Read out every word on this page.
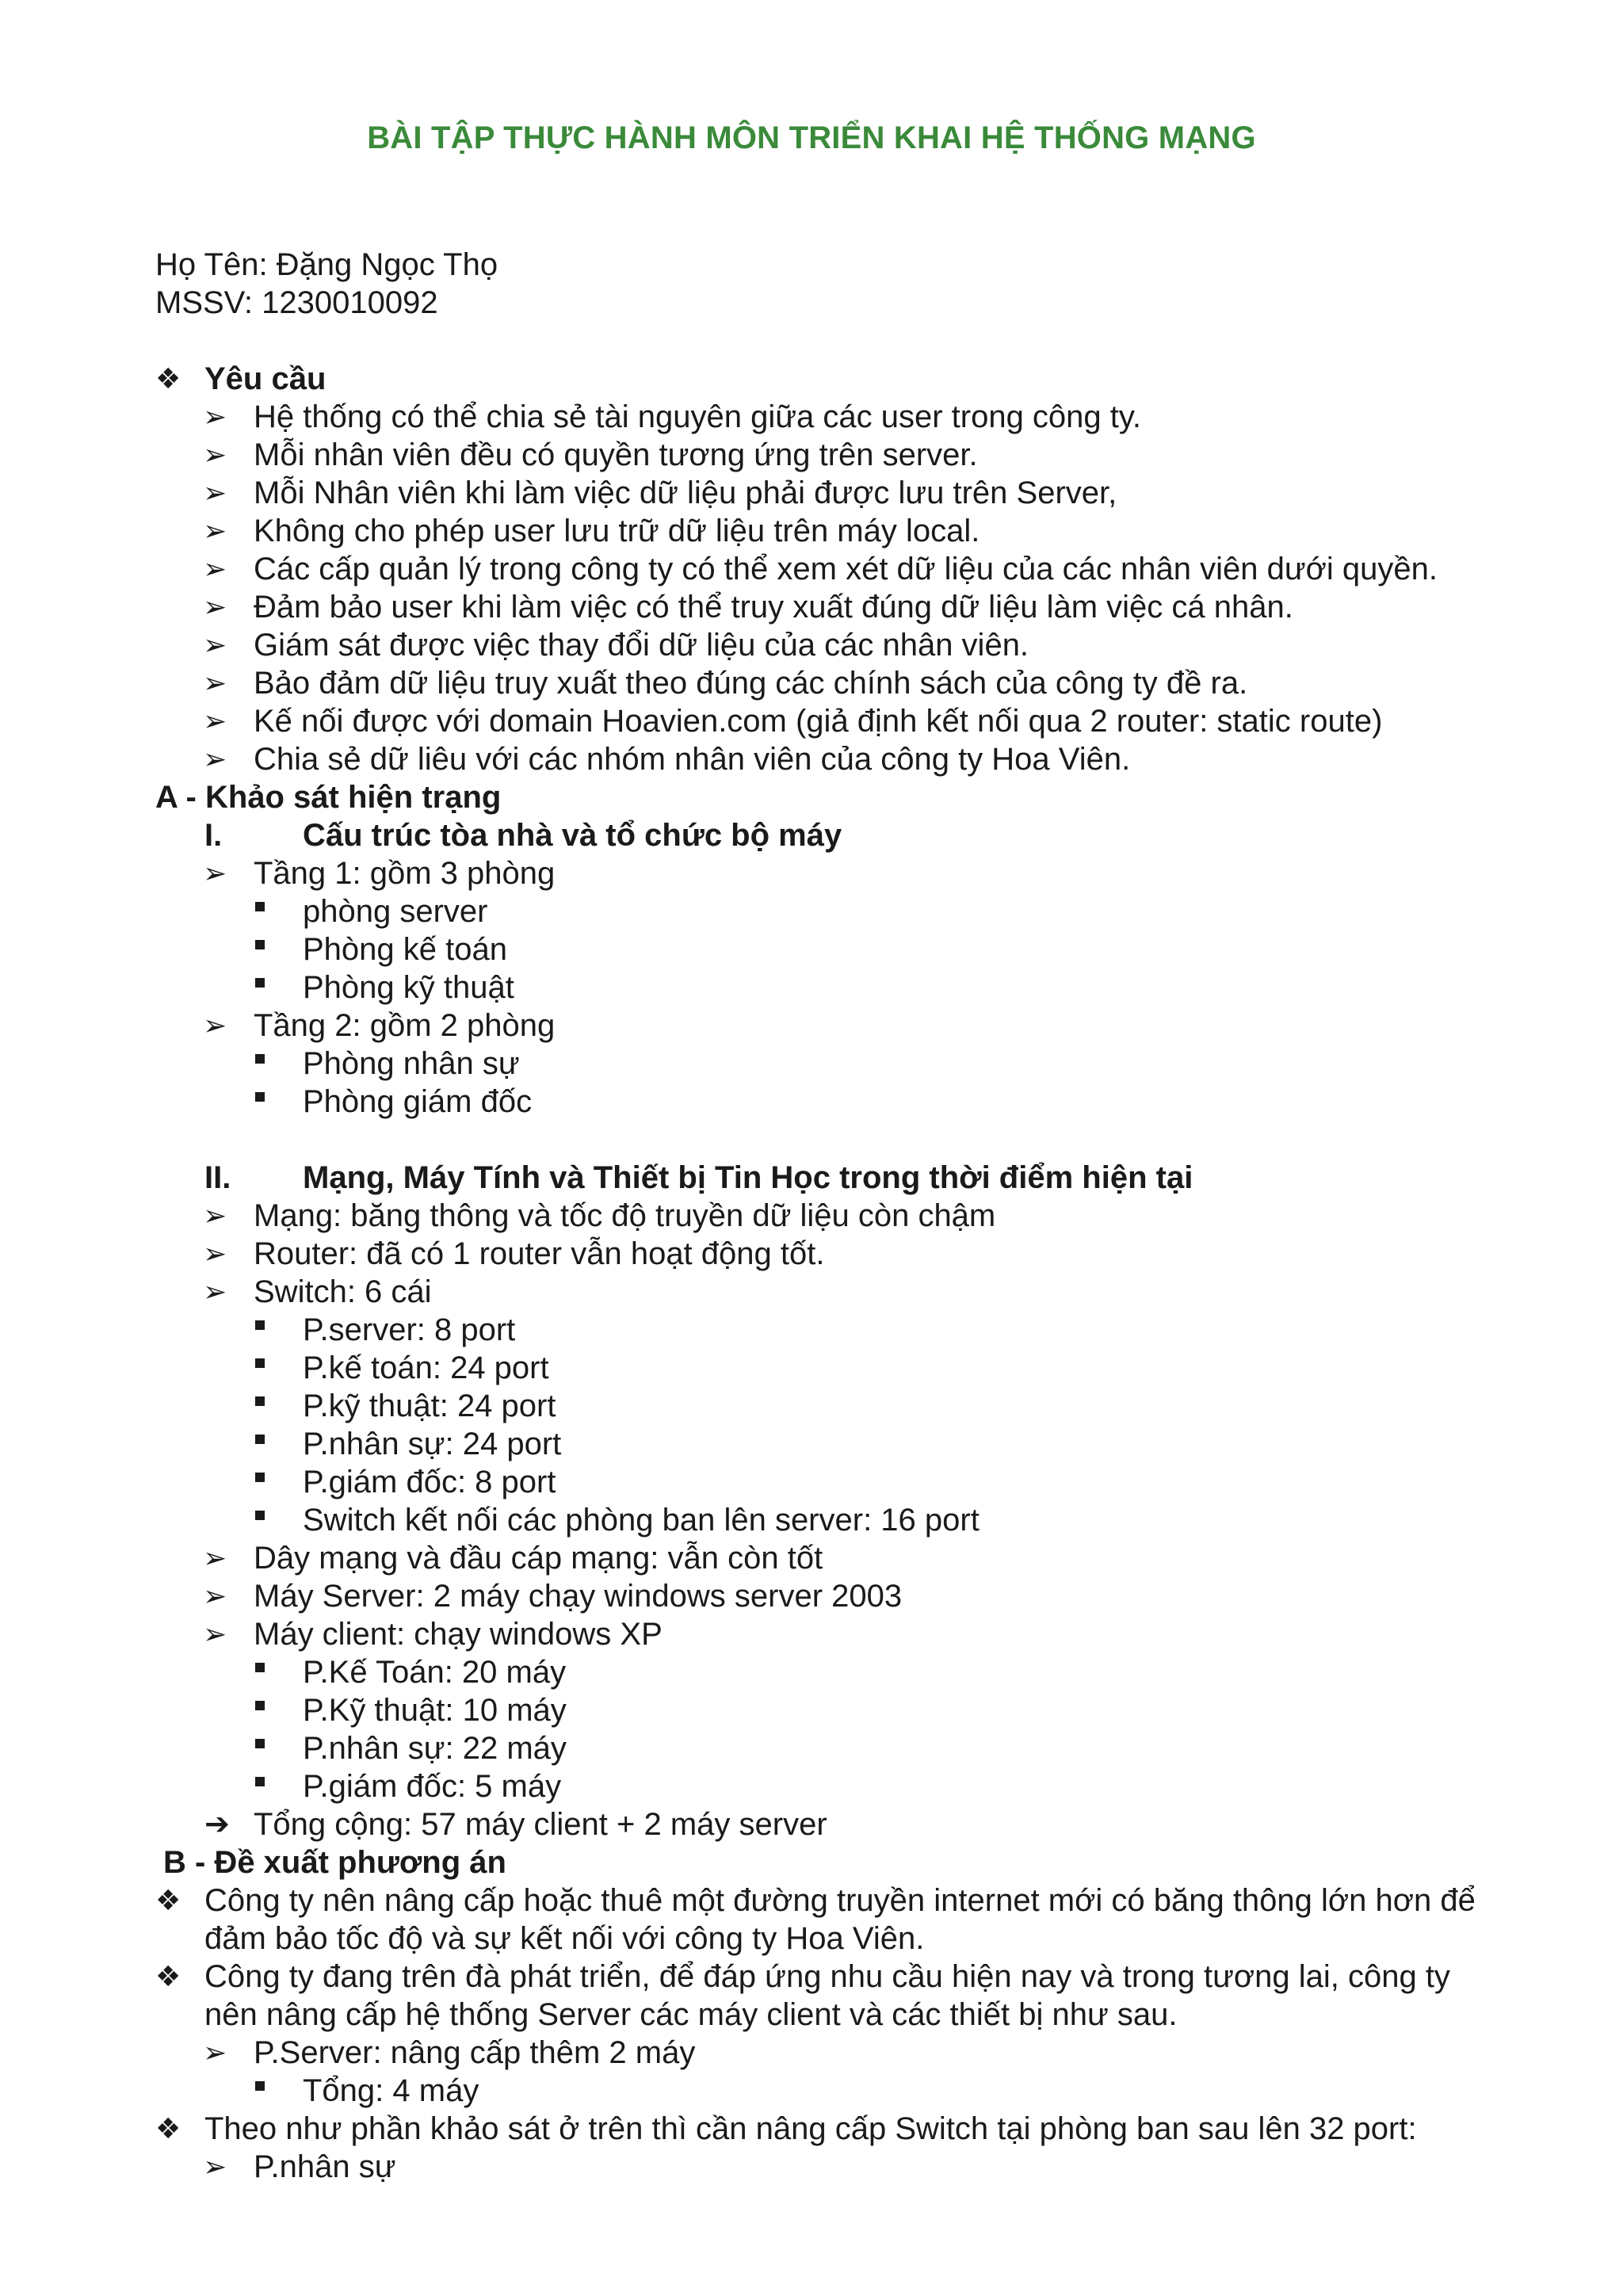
BÀI TẬP THỰC HÀNH MÔN TRIỂN KHAI HỆ THỐNG MẠNG
Họ Tên: Đặng Ngọc Thọ
MSSV: 1230010092
❖ Yêu cầu
➢ Hệ thống có thể chia sẻ tài nguyên giữa các user trong công ty.
➢ Mỗi nhân viên đều có quyền tương ứng trên server.
➢ Mỗi Nhân viên khi làm việc dữ liệu phải được lưu trên Server,
➢ Không cho phép user lưu trữ dữ liệu trên máy local.
➢ Các cấp quản lý trong công ty có thể xem xét dữ liệu của các nhân viên dưới quyền.
➢ Đảm bảo user khi làm việc có thể truy xuất đúng dữ liệu làm việc cá nhân.
➢ Giám sát được việc thay đổi dữ liệu của các nhân viên.
➢ Bảo đảm dữ liệu truy xuất theo đúng các chính sách của công ty đề ra.
➢ Kế nối được với domain Hoavien.com (giả định kết nối qua 2 router: static route)
➢ Chia sẻ dữ liêu với các nhóm nhân viên của công ty Hoa Viên.
A - Khảo sát hiện trạng
I.	Cấu trúc tòa nhà và tổ chức bộ máy
➢ Tầng 1: gồm 3 phòng
phòng server
Phòng kế toán
Phòng kỹ thuật
➢ Tầng 2: gồm 2 phòng
Phòng nhân sự
Phòng giám đốc
II. Mạng, Máy Tính và Thiết bị Tin Học trong thời điểm hiện tại
➢ Mạng: băng thông và tốc độ truyền dữ liệu còn chậm
➢ Router: đã có 1 router vẫn hoạt động tốt.
➢ Switch: 6 cái
P.server: 8 port
P.kế toán: 24 port
P.kỹ thuật: 24 port
P.nhân sự: 24 port
P.giám đốc: 8 port
Switch kết nối các phòng ban lên server: 16 port
➢ Dây mạng và đầu cáp mạng: vẫn còn tốt
➢ Máy Server: 2 máy chạy windows server 2003
➢ Máy client: chạy windows XP
P.Kế Toán: 20 máy
P.Kỹ thuật: 10 máy
P.nhân sự: 22 máy
P.giám đốc: 5 máy
➔ Tổng cộng: 57 máy client + 2 máy server
B - Đề xuất phương án
❖ Công ty nên nâng cấp hoặc thuê một đường truyền internet mới có băng thông lớn hơn để
đảm bảo tốc độ và sự kết nối với công ty Hoa Viên.
❖ Công ty đang trên đà phát triển, để đáp ứng nhu cầu hiện nay và trong tương lai, công ty
nên nâng cấp hệ thống Server các máy client và các thiết bị như sau.
➢ P.Server: nâng cấp thêm 2 máy
Tổng: 4 máy
❖ Theo như phần khảo sát ở trên thì cần nâng cấp Switch tại phòng ban sau lên 32 port:
➢ P.nhân sự
